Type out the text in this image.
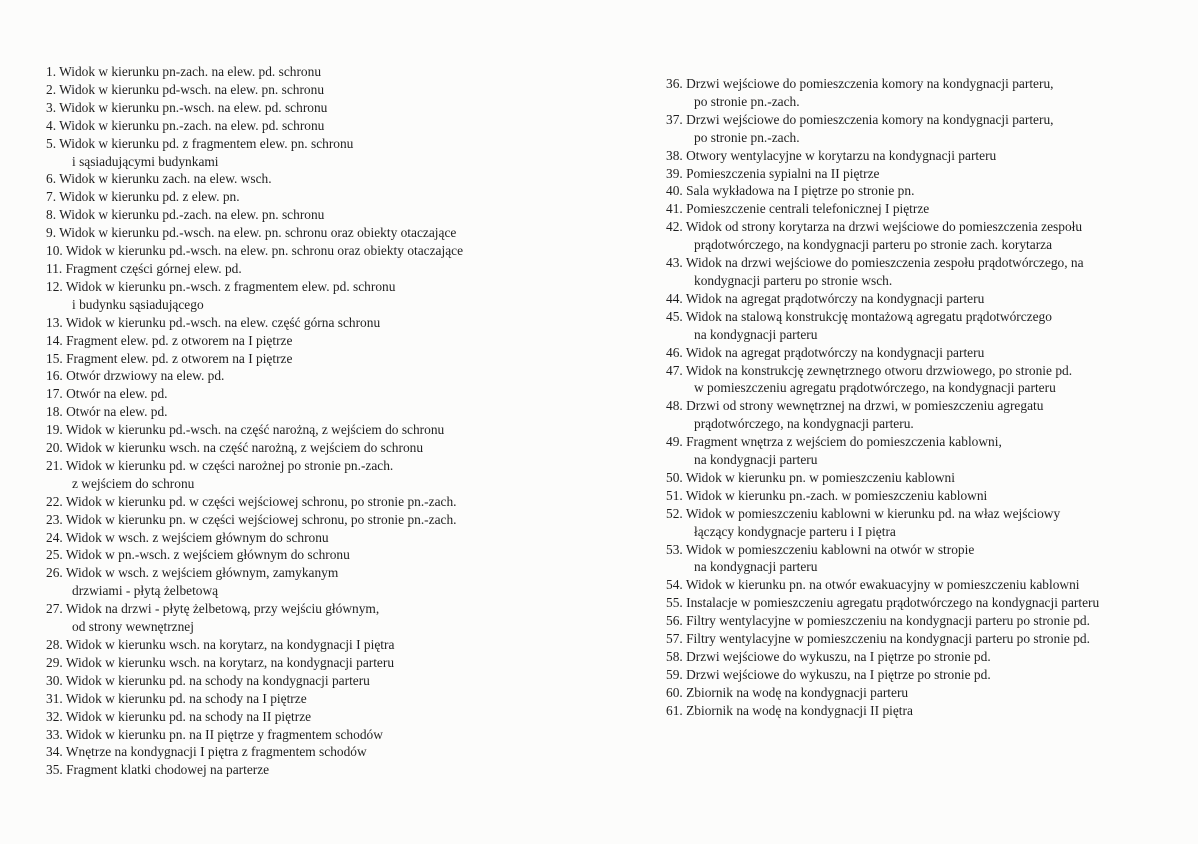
1. Widok w kierunku pn-zach. na elew. pd. schronu
2. Widok w kierunku pd-wsch. na elew. pn. schronu
3. Widok w kierunku pn.-wsch. na elew. pd. schronu
4. Widok w kierunku pn.-zach. na elew. pd. schronu
5. Widok w kierunku pd. z fragmentem elew. pn. schronu
i sąsiadującymi budynkami
6. Widok w kierunku zach. na elew. wsch.
7. Widok w kierunku pd. z elew. pn.
8. Widok w kierunku pd.-zach. na elew. pn. schronu
9. Widok w kierunku pd.-wsch. na elew. pn. schronu oraz obiekty otaczające
10. Widok w kierunku pd.-wsch. na elew. pn. schronu oraz obiekty otaczające
11. Fragment części górnej elew. pd.
12. Widok w kierunku pn.-wsch. z fragmentem elew. pd. schronu
i budynku sąsiadującego
13. Widok w kierunku pd.-wsch. na elew. część górna schronu
14. Fragment elew. pd. z otworem na I piętrze
15. Fragment elew. pd. z otworem na I piętrze
16. Otwór drzwiowy na elew. pd.
17. Otwór na elew. pd.
18. Otwór na elew. pd.
19. Widok w kierunku pd.-wsch. na część narożną, z wejściem do schronu
20. Widok w kierunku wsch. na część narożną, z wejściem do schronu
21. Widok w kierunku pd. w części narożnej po stronie pn.-zach.
z wejściem do schronu
22. Widok w kierunku pd. w części wejściowej schronu, po stronie pn.-zach.
23. Widok w kierunku pn. w części wejściowej schronu, po stronie pn.-zach.
24. Widok w wsch. z wejściem głównym do schronu
25. Widok w pn.-wsch. z wejściem głównym do schronu
26. Widok w wsch. z wejściem głównym, zamykanym
drzwiami - płytą żelbetową
27. Widok na drzwi - płytę żelbetową, przy wejściu głównym,
od strony wewnętrznej
28. Widok w kierunku wsch. na korytarz, na kondygnacji I piętra
29. Widok w kierunku wsch. na korytarz, na kondygnacji parteru
30. Widok w kierunku pd. na schody na kondygnacji parteru
31. Widok w kierunku pd. na schody na I piętrze
32. Widok w kierunku pd. na schody na II piętrze
33. Widok w kierunku pn. na II piętrze y fragmentem schodów
34. Wnętrze na kondygnacji I piętra z fragmentem schodów
35. Fragment klatki chodowej na parterze
36. Drzwi wejściowe do pomieszczenia komory na kondygnacji parteru,
po stronie pn.-zach.
37. Drzwi wejściowe do pomieszczenia komory na kondygnacji parteru,
po stronie pn.-zach.
38. Otwory wentylacyjne w korytarzu na kondygnacji parteru
39. Pomieszczenia sypialni na II piętrze
40. Sala wykładowa na I piętrze po stronie pn.
41. Pomieszczenie centrali telefonicznej I piętrze
42. Widok od strony korytarza na drzwi wejściowe do pomieszczenia zespołu
prądotwórczego, na kondygnacji parteru po stronie zach. korytarza
43. Widok na drzwi wejściowe do pomieszczenia zespołu prądotwórczego, na
kondygnacji parteru po stronie wsch.
44. Widok na agregat prądotwórczy na kondygnacji parteru
45. Widok na stalową konstrukcję montażową agregatu prądotwórczego
na kondygnacji parteru
46. Widok na agregat prądotwórczy na kondygnacji parteru
47. Widok na konstrukcję zewnętrznego otworu drzwiowego, po stronie pd.
w pomieszczeniu agregatu prądotwórczego, na kondygnacji parteru
48. Drzwi od strony wewnętrznej na drzwi, w pomieszczeniu agregatu
prądotwórczego, na kondygnacji parteru.
49. Fragment wnętrza z wejściem do pomieszczenia kablowni,
na kondygnacji parteru
50. Widok w kierunku pn. w pomieszczeniu kablowni
51. Widok w kierunku pn.-zach. w pomieszczeniu kablowni
52. Widok w pomieszczeniu kablowni w kierunku pd. na właz wejściowy
łączący kondygnacje parteru i I piętra
53. Widok w pomieszczeniu kablowni na otwór w stropie
na kondygnacji parteru
54. Widok w kierunku pn. na otwór ewakuacyjny w pomieszczeniu kablowni
55. Instalacje w pomieszczeniu agregatu prądotwórczego na kondygnacji parteru
56. Filtry wentylacyjne w pomieszczeniu na kondygnacji parteru po stronie pd.
57. Filtry wentylacyjne w pomieszczeniu na kondygnacji parteru po stronie pd.
58. Drzwi wejściowe do wykuszu, na I piętrze po stronie pd.
59. Drzwi wejściowe do wykuszu, na I piętrze po stronie pd.
60. Zbiornik na wodę na kondygnacji parteru
61. Zbiornik na wodę na kondygnacji II piętra
